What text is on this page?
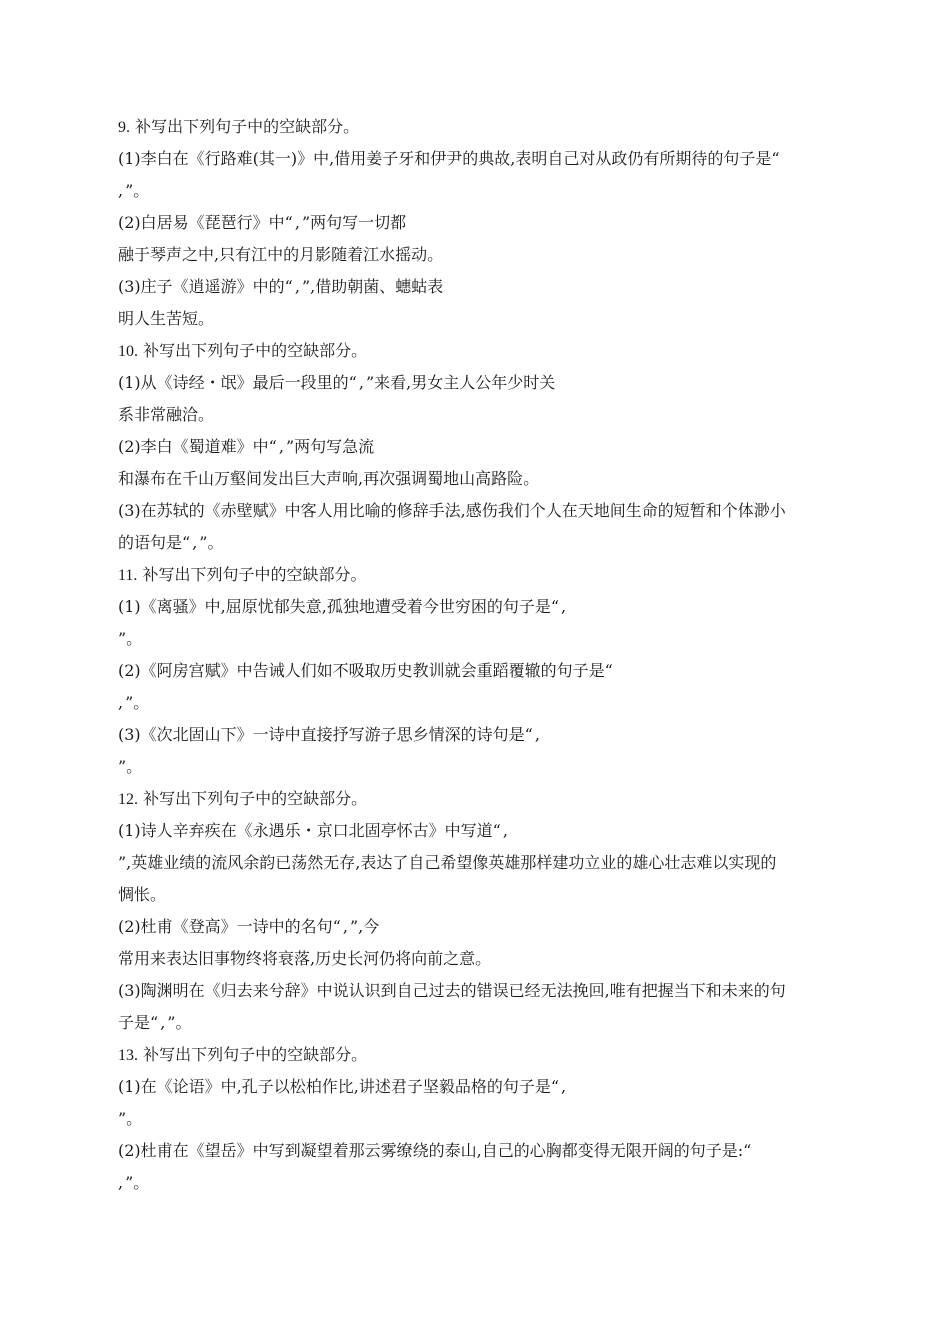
9. 补写出下列句子中的空缺部分。
(1)李白在《行路难(其一)》中,借用姜子牙和伊尹的典故,表明自己对从政仍有所期待的句子是“
, ”。
(2)白居易《琵琶行》中“ , ”两句写一切都
融于琴声之中,只有江中的月影随着江水摇动。
(3)庄子《逍遥游》中的“ , ”,借助朝菌、蟪蛄表
明人生苦短。
10. 补写出下列句子中的空缺部分。
(1)从《诗经・氓》最后一段里的“ , ”来看,男女主人公年少时关
系非常融洽。
(2)李白《蜀道难》中“ , ”两句写急流
和瀑布在千山万壑间发出巨大声响,再次强调蜀地山高路险。
(3)在苏轼的《赤壁赋》中客人用比喻的修辞手法,感伤我们个人在天地间生命的短暂和个体渺小
的语句是“ , ”。
11. 补写出下列句子中的空缺部分。
(1)《离骚》中,屈原忧郁失意,孤独地遭受着今世穷困的句子是“ ,
”。
(2)《阿房宫赋》中告诫人们如不吸取历史教训就会重蹈覆辙的句子是“
, ”。
(3)《次北固山下》一诗中直接抒写游子思乡情深的诗句是“ ,
”。
12. 补写出下列句子中的空缺部分。
(1)诗人辛弃疾在《永遇乐・京口北固亭怀古》中写道“ ,
”,英雄业绩的流风余韵已荡然无存,表达了自己希望像英雄那样建功立业的雄心壮志难以实现的
惆怅。
(2)杜甫《登高》一诗中的名句“ , ”,今
常用来表达旧事物终将衰落,历史长河仍将向前之意。
(3)陶渊明在《归去来兮辞》中说认识到自己过去的错误已经无法挽回,唯有把握当下和未来的句
子是“ , ”。
13. 补写出下列句子中的空缺部分。
(1)在《论语》中,孔子以松柏作比,讲述君子坚毅品格的句子是“ ,
”。
(2)杜甫在《望岳》中写到凝望着那云雾缭绕的泰山,自己的心胸都变得无限开阔的句子是:“
, ”。
